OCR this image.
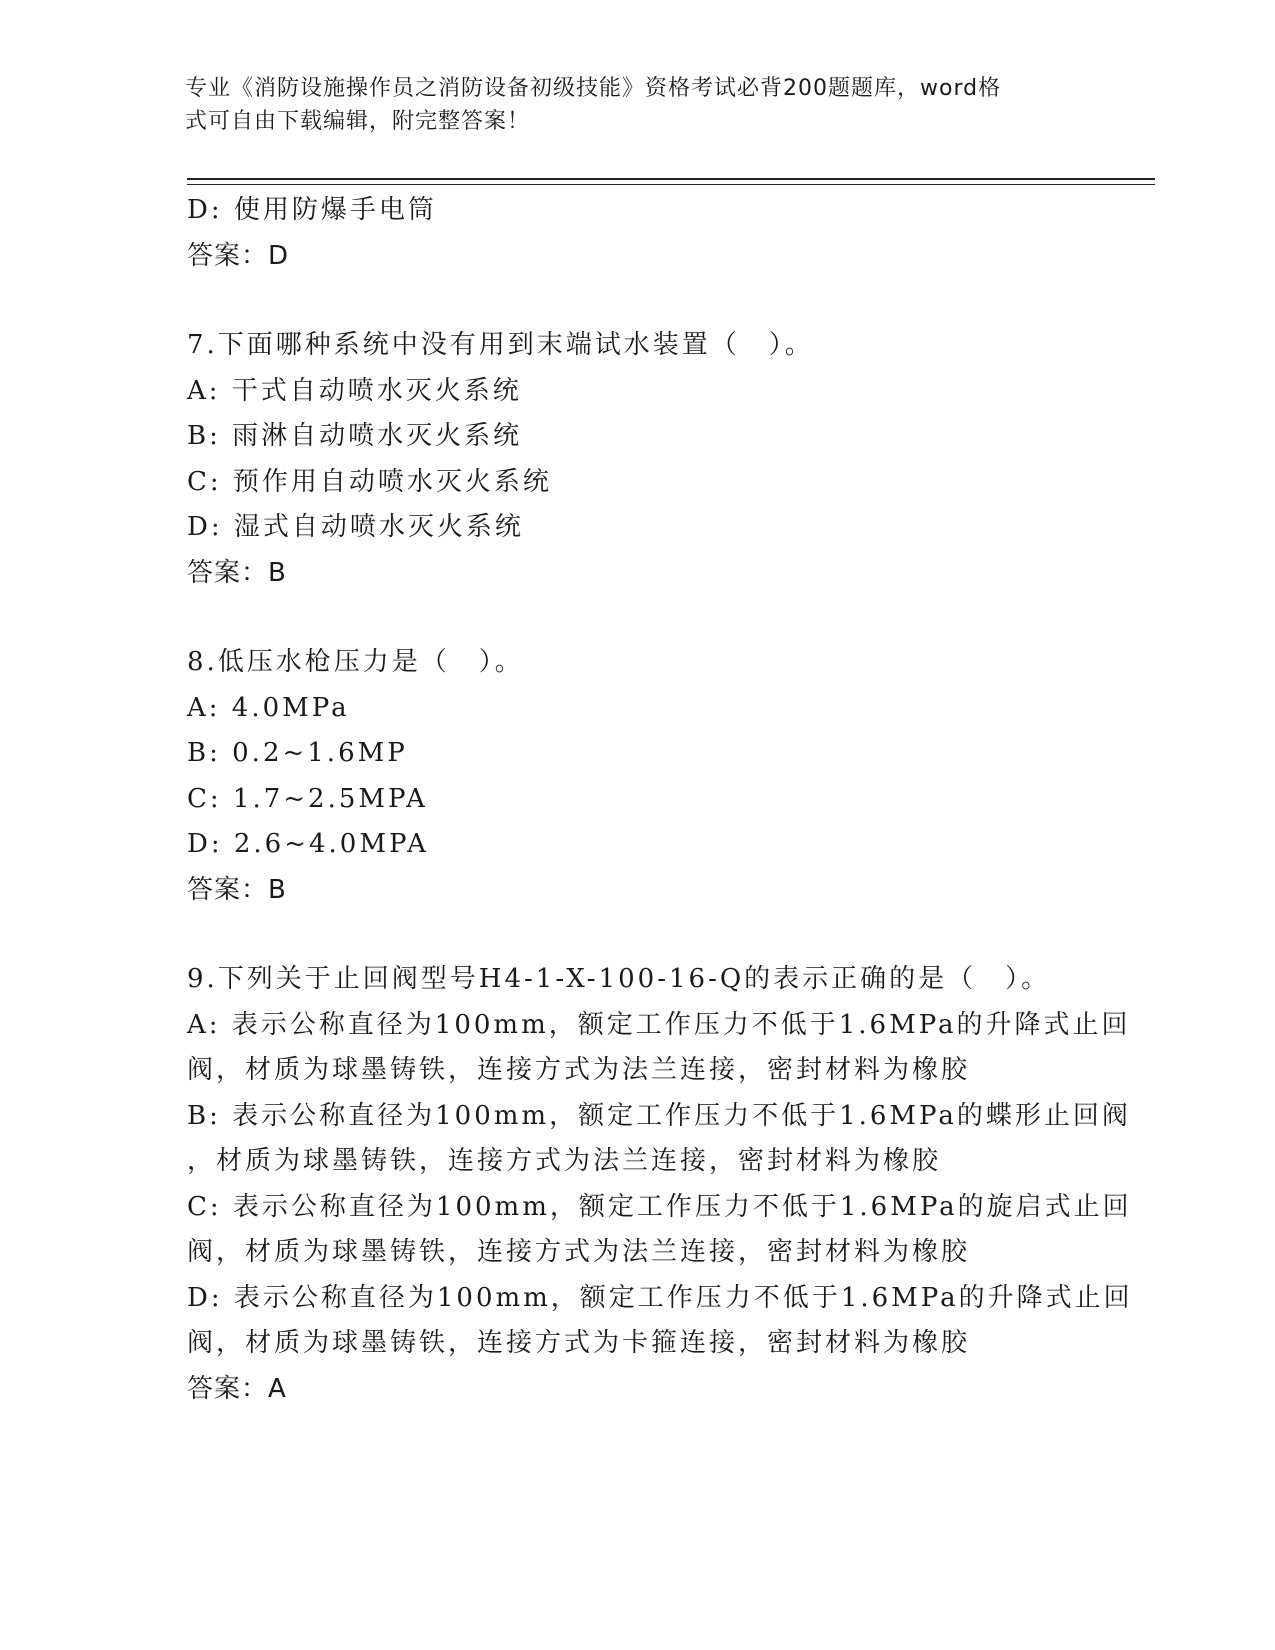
专业《消防设施操作员之消防设备初级技能》资格考试必背200题题库，word格
式可自由下载编辑，附完整答案！
D: 使用防爆手电筒
答案：D
7.下面哪种系统中没有用到末端试水装置（　）。
A: 干式自动喷水灭火系统
B: 雨淋自动喷水灭火系统
C: 预作用自动喷水灭火系统
D: 湿式自动喷水灭火系统
答案：B
8.低压水枪压力是（　）。
A: 4.0MPa
B: 0.2~1.6MP
C: 1.7~2.5MPA
D: 2.6~4.0MPA
答案：B
9.下列关于止回阀型号H4-1-X-100-16-Q的表示正确的是（　）。
A: 表示公称直径为100mm，额定工作压力不低于1.6MPa的升降式止回
阀，材质为球墨铸铁，连接方式为法兰连接，密封材料为橡胶
B: 表示公称直径为100mm，额定工作压力不低于1.6MPa的蝶形止回阀
，材质为球墨铸铁，连接方式为法兰连接，密封材料为橡胶
C: 表示公称直径为100mm，额定工作压力不低于1.6MPa的旋启式止回
阀，材质为球墨铸铁，连接方式为法兰连接，密封材料为橡胶
D: 表示公称直径为100mm，额定工作压力不低于1.6MPa的升降式止回
阀，材质为球墨铸铁，连接方式为卡箍连接，密封材料为橡胶
答案：A
